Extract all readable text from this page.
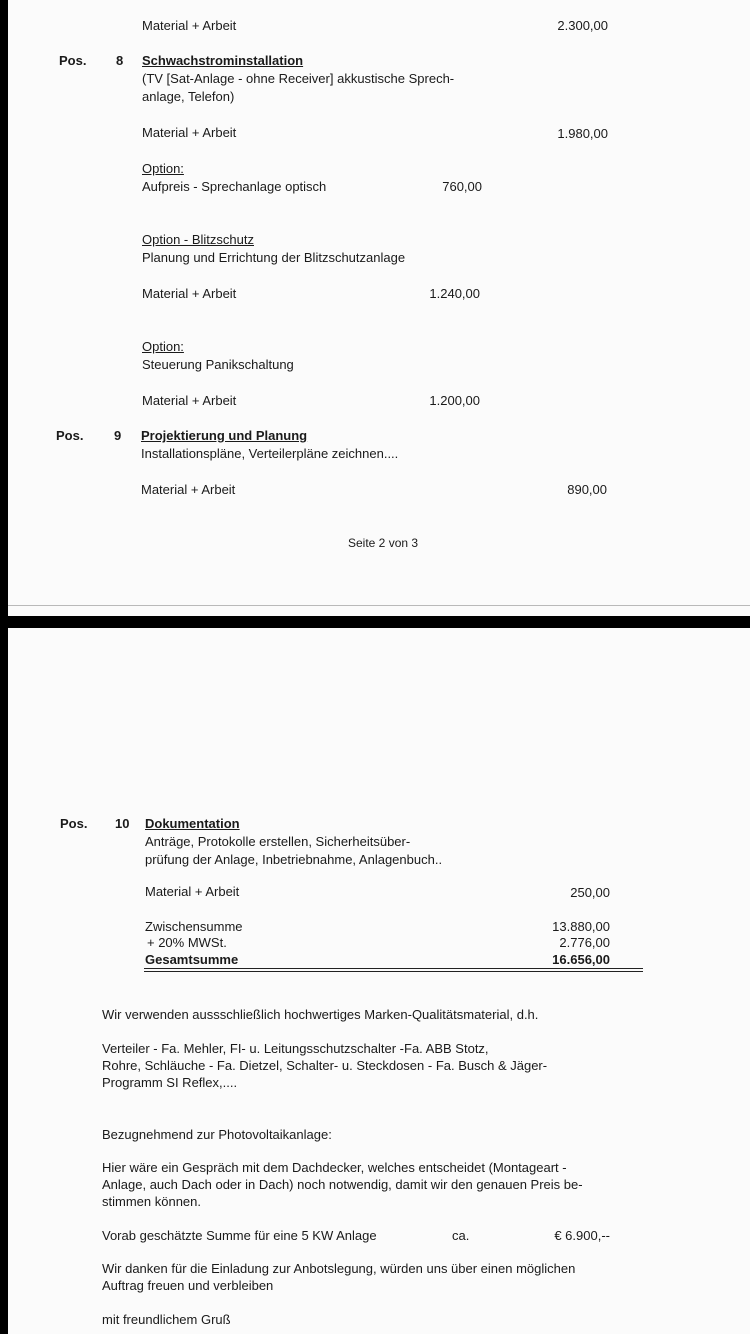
Material + Arbeit	2.300,00
Pos. 8 Schwachstrominstallation
(TV [Sat-Anlage - ohne Receiver] akkustische Sprech-
anlage, Telefon)
Material + Arbeit	1.980,00
Option:
Aufpreis - Sprechanlage optisch	760,00
Option - Blitzschutz
Planung und Errichtung der Blitzschutzanlage
Material + Arbeit	1.240,00
Option:
Steuerung Panikschaltung
Material + Arbeit	1.200,00
Pos. 9 Projektierung und Planung
Installationspläne, Verteilerpläne zeichnen....
Material + Arbeit	890,00
Seite 2 von 3
Pos. 10 Dokumentation
Anträge, Protokolle erstellen, Sicherheitsüber-
prüfung der Anlage, Inbetriebnahme, Anlagenbuch..
Material + Arbeit	250,00
Zwischensumme	13.880,00
+ 20% MWSt.	2.776,00
Gesamtsumme	16.656,00
Wir verwenden aussschließlich hochwertiges Marken-Qualitätsmaterial, d.h.
Verteiler - Fa. Mehler, FI- u. Leitungsschutzschalter -Fa. ABB Stotz,
Rohre, Schläuche - Fa. Dietzel, Schalter- u. Steckdosen - Fa. Busch & Jäger-
Programm SI Reflex,....
Bezugnehmend zur Photovoltaikanlage:
Hier wäre ein Gespräch mit dem Dachdecker, welches entscheidet (Montageart -
Anlage, auch Dach oder in Dach) noch notwendig, damit wir den genauen Preis be-
stimmen können.
Vorab geschätzte Summe für eine 5 KW Anlage	ca.	€ 6.900,--
Wir danken für die Einladung zur Anbotslegung, würden uns über einen möglichen
Auftrag freuen und verbleiben
mit freundlichem Gruß
